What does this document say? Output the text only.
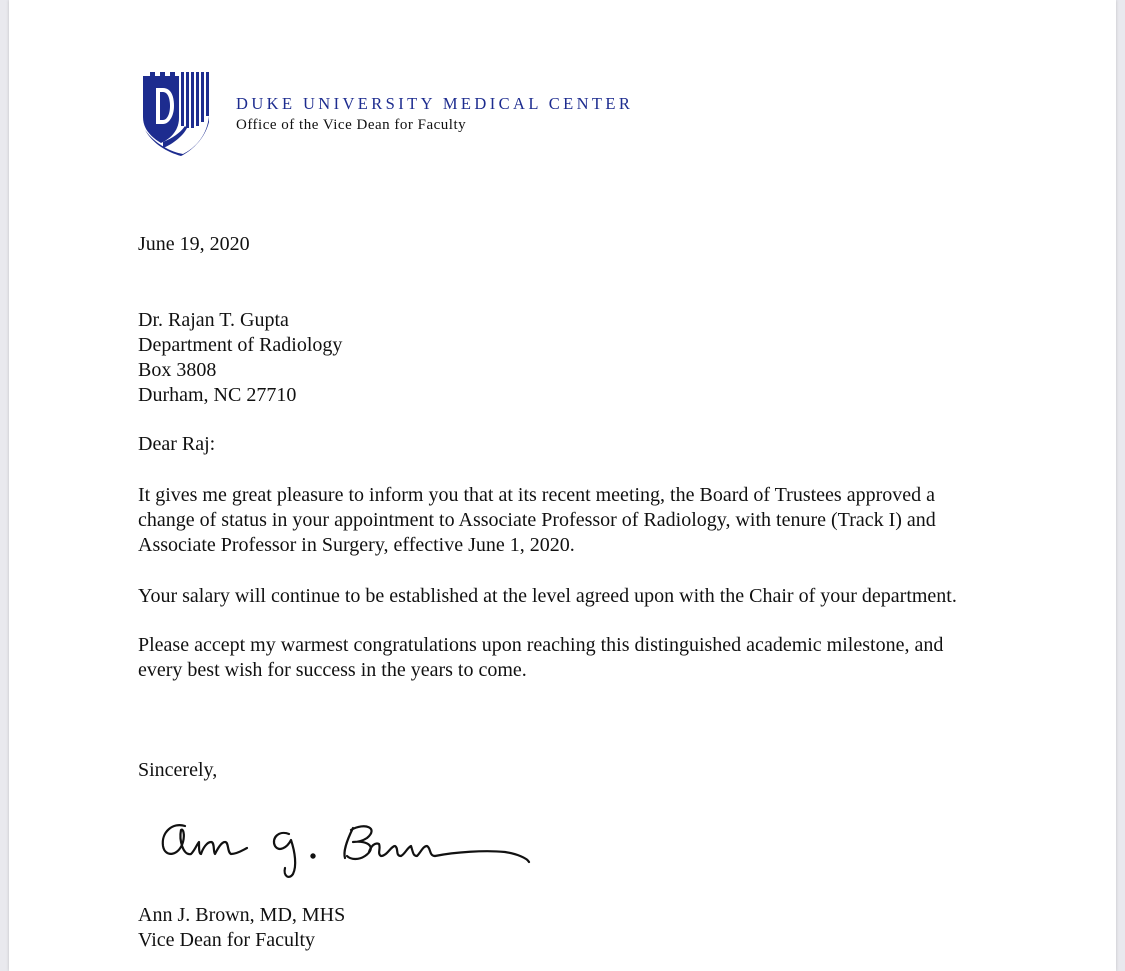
DUKE UNIVERSITY MEDICAL CENTER
Office of the Vice Dean for Faculty
June 19, 2020
Dr. Rajan T. Gupta
Department of Radiology
Box 3808
Durham, NC 27710
Dear Raj:
It gives me great pleasure to inform you that at its recent meeting, the Board of Trustees approved a
change of status in your appointment to Associate Professor of Radiology, with tenure (Track I) and
Associate Professor in Surgery, effective June 1, 2020.
Your salary will continue to be established at the level agreed upon with the Chair of your department.
Please accept my warmest congratulations upon reaching this distinguished academic milestone, and
every best wish for success in the years to come.
Sincerely,
Ann J. Brown, MD, MHS
Vice Dean for Faculty
